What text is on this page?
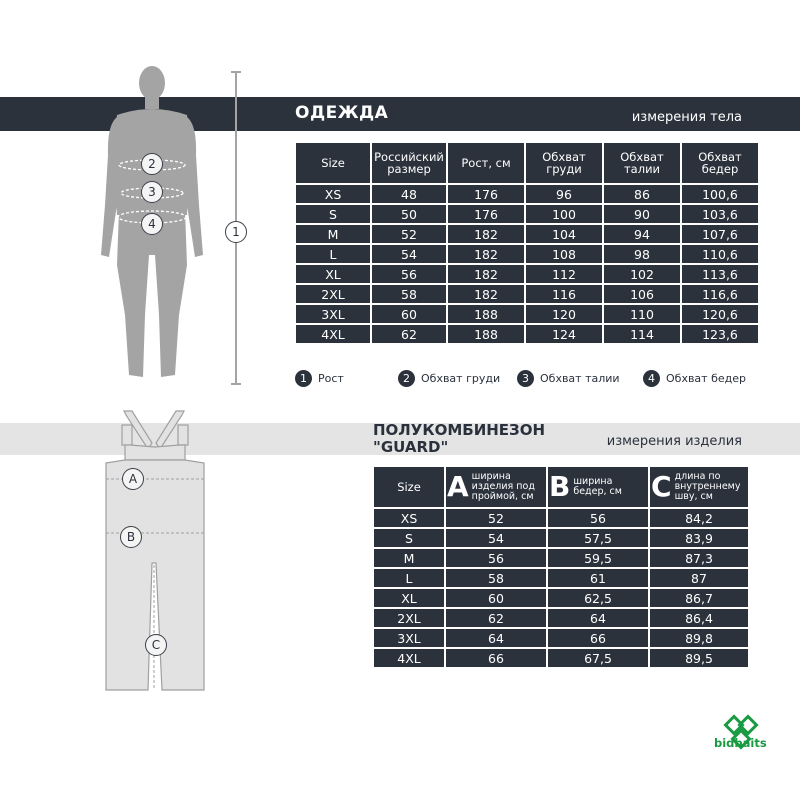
ОДЕЖДА	измерения тела
2
3
4
1
Size	Российский размер	Рост, см	Обхват груди	Обхват талии	Обхват бедер
XS	48	176	96	86	100,6
S	50	176	100	90	103,6
M	52	182	104	94	107,6
L	54	182	108	98	110,6
XL	56	182	112	102	113,6
2XL	58	182	116	106	116,6
3XL	60	188	120	110	120,6
4XL	62	188	124	114	123,6
1	Рост	2	Обхват груди	3	Обхват талии	4	Обхват бедер
ПОЛУКОМБИНЕЗОН
"GUARD"	измерения изделия
A
B
C
Size	A ширина изделия под проймой, см	B ширина бедер, см	C длина по внутреннему шву, см

XS	52	56	84,2
S	54	57,5	83,9
M	56	59,5	87,3
L	58	61	87
XL	60	62,5	86,7
2XL	62	64	86,4
3XL	64	66	89,8
4XL	66	67,5	89,5
bidbaits
